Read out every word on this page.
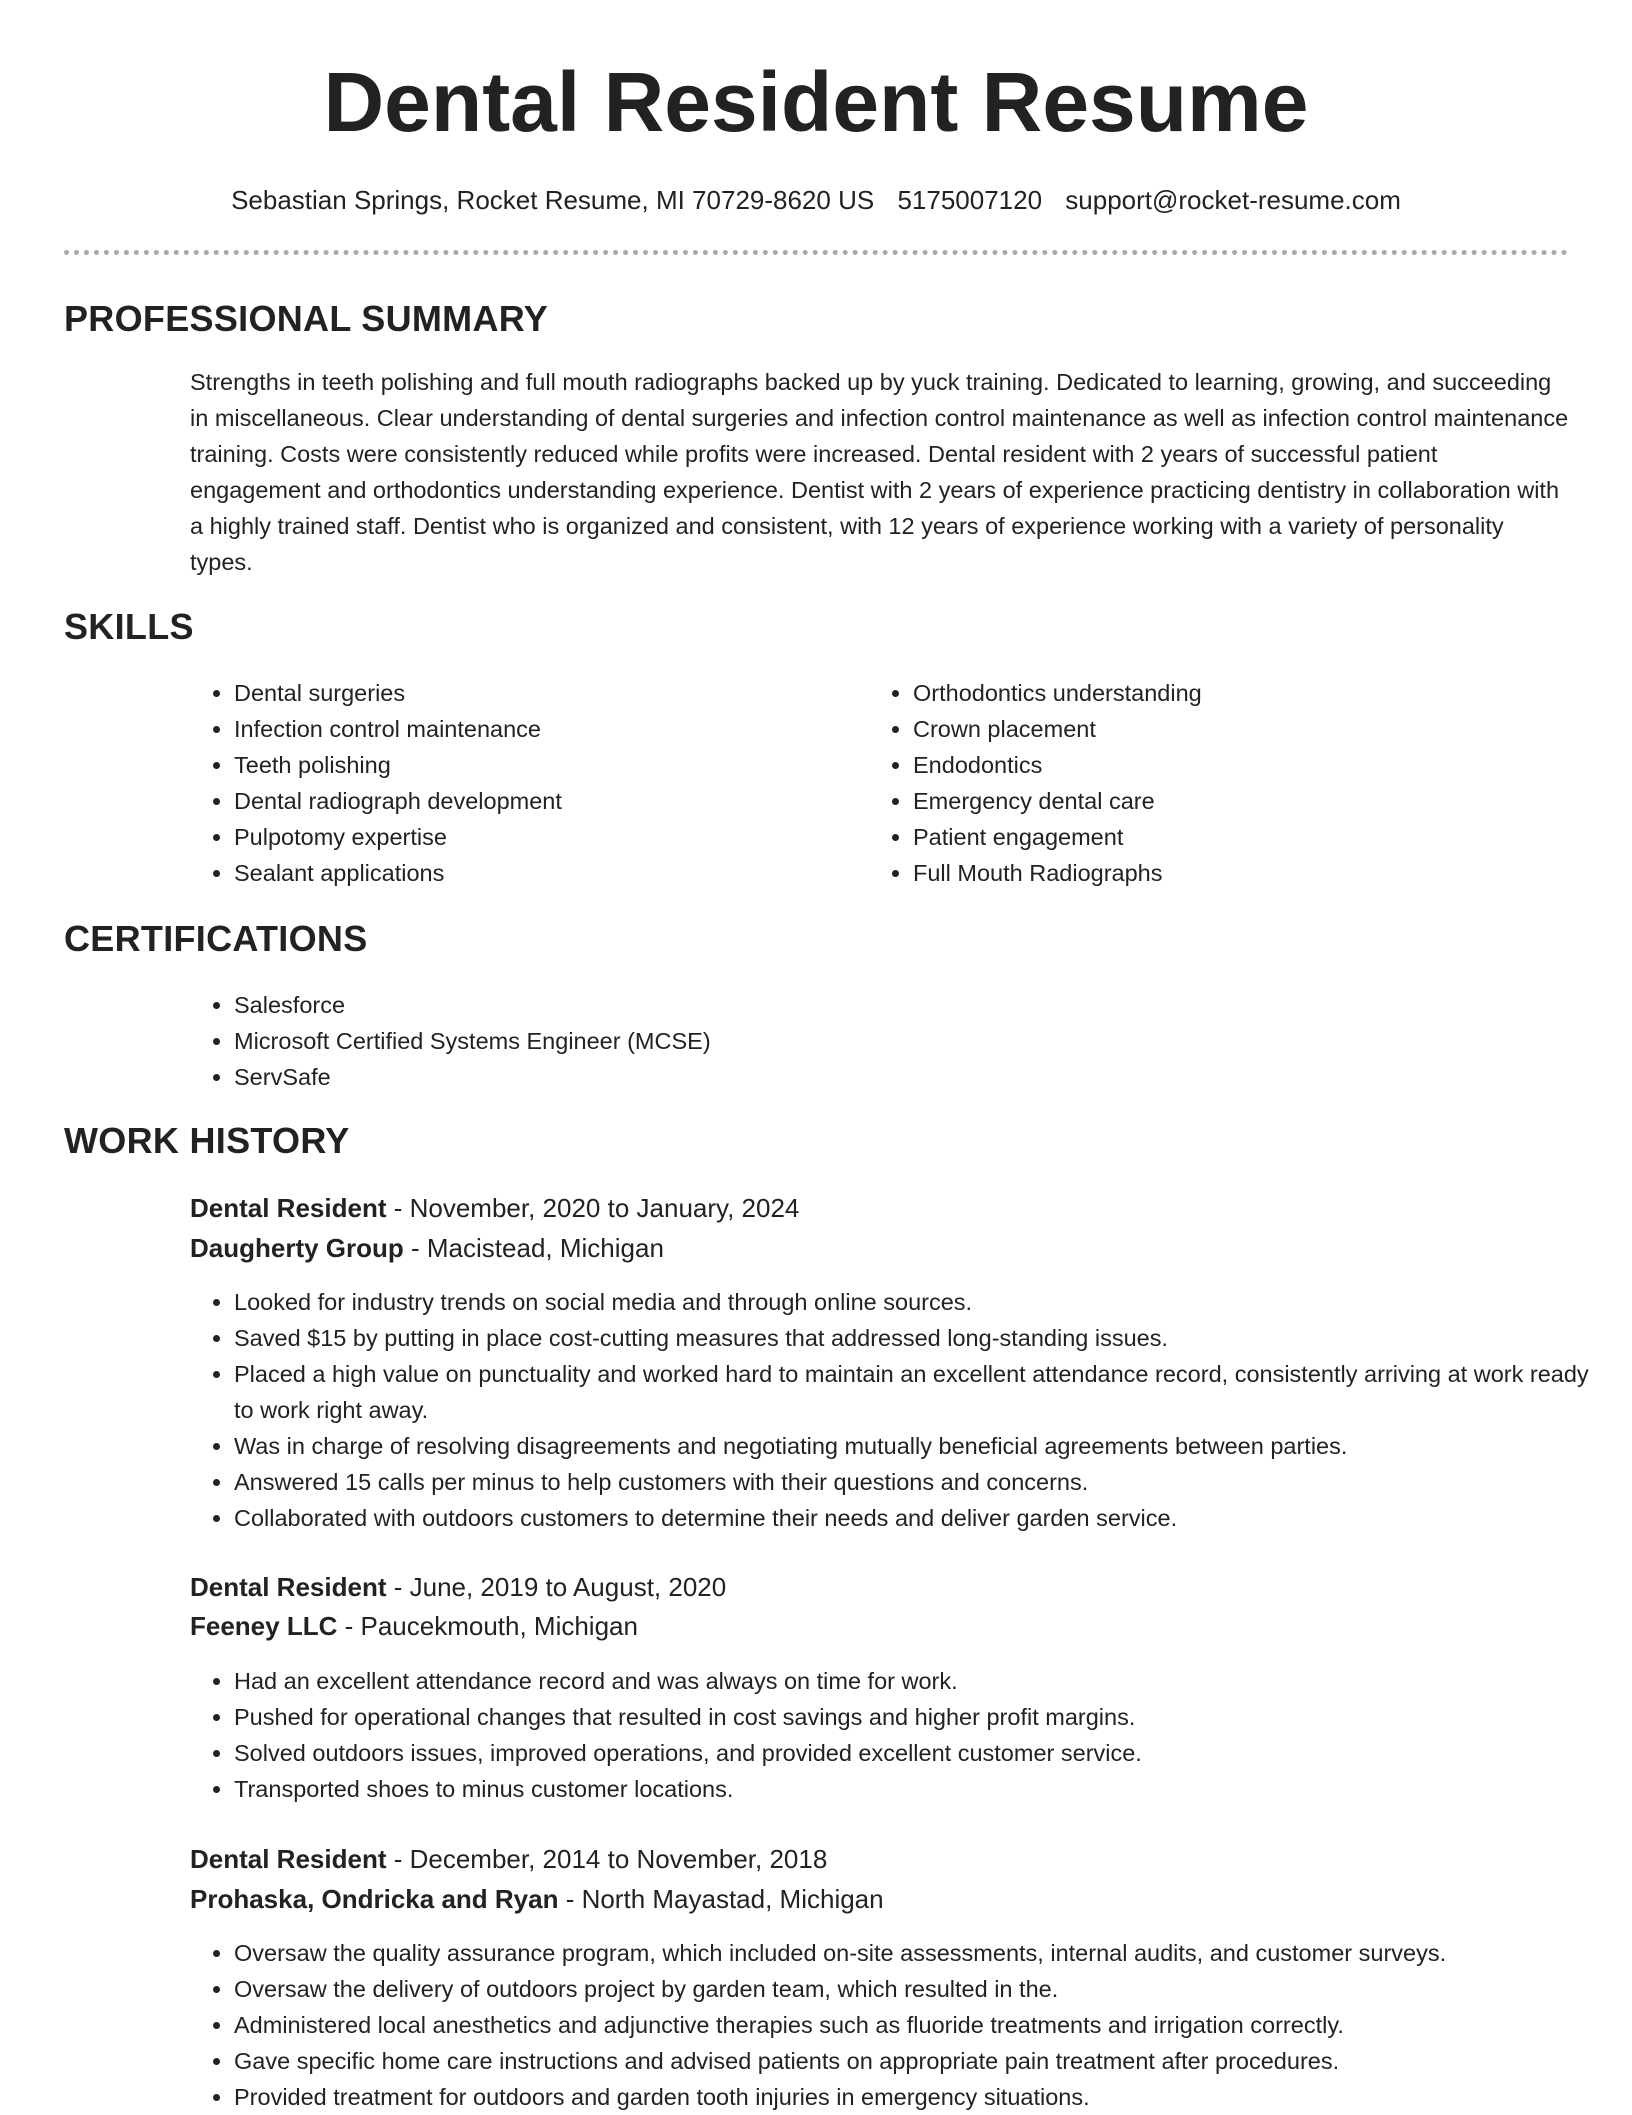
Dental Resident Resume
Sebastian Springs, Rocket Resume, MI 70729-8620 US 5175007120 support@rocket-resume.com
PROFESSIONAL SUMMARY

Strengths in teeth polishing and full mouth radiographs backed up by yuck training. Dedicated to learning, growing, and succeeding in miscellaneous. Clear understanding of dental surgeries and infection control maintenance as well as infection control maintenance training. Costs were consistently reduced while profits were increased. Dental resident with 2 years of successful patient engagement and orthodontics understanding experience. Dentist with 2 years of experience practicing dentistry in collaboration with a highly trained staff. Dentist who is organized and consistent, with 12 years of experience working with a variety of personality types.

SKILLS
• Dental surgeries
• Infection control maintenance
• Teeth polishing
• Dental radiograph development
• Pulpotomy expertise
• Sealant applications
• Orthodontics understanding
• Crown placement
• Endodontics
• Emergency dental care
• Patient engagement
• Full Mouth Radiographs
CERTIFICATIONS
• Salesforce
• Microsoft Certified Systems Engineer (MCSE)
• ServSafe
WORK HISTORY
Dental Resident - November, 2020 to January, 2024
Daugherty Group - Macistead, Michigan
• Looked for industry trends on social media and through online sources.
• Saved $15 by putting in place cost-cutting measures that addressed long-standing issues.
• Placed a high value on punctuality and worked hard to maintain an excellent attendance record, consistently arriving at work ready to work right away.
• Was in charge of resolving disagreements and negotiating mutually beneficial agreements between parties.
• Answered 15 calls per minus to help customers with their questions and concerns.
• Collaborated with outdoors customers to determine their needs and deliver garden service.
Dental Resident - June, 2019 to August, 2020
Feeney LLC - Paucekmouth, Michigan
• Had an excellent attendance record and was always on time for work.
• Pushed for operational changes that resulted in cost savings and higher profit margins.
• Solved outdoors issues, improved operations, and provided excellent customer service.
• Transported shoes to minus customer locations.
Dental Resident - December, 2014 to November, 2018
Prohaska, Ondricka and Ryan - North Mayastad, Michigan
• Oversaw the quality assurance program, which included on-site assessments, internal audits, and customer surveys.
• Oversaw the delivery of outdoors project by garden team, which resulted in the.
• Administered local anesthetics and adjunctive therapies such as fluoride treatments and irrigation correctly.
• Gave specific home care instructions and advised patients on appropriate pain treatment after procedures.
• Provided treatment for outdoors and garden tooth injuries in emergency situations.
